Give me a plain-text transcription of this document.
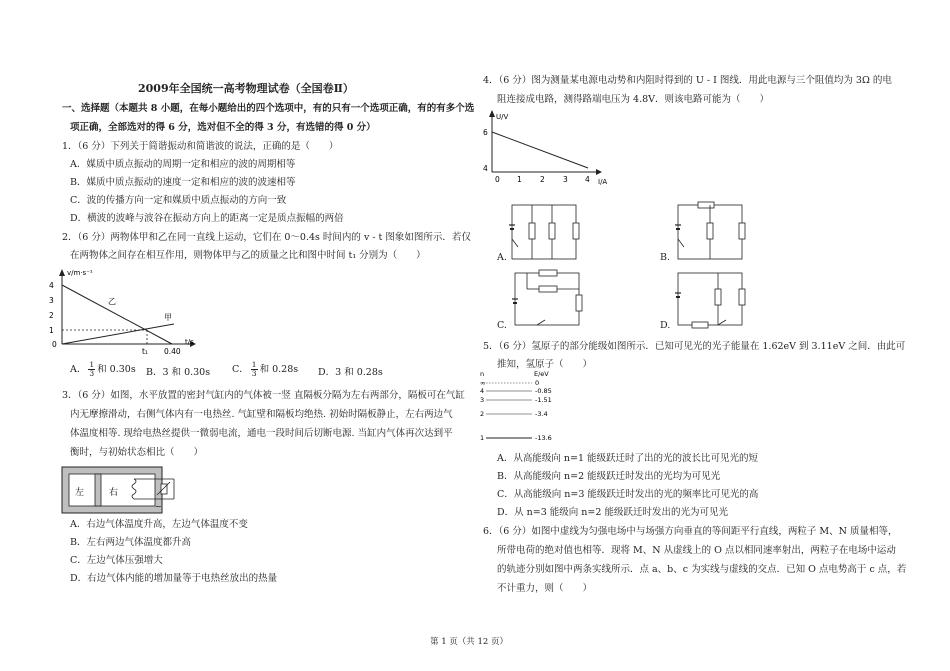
2009年全国统一高考物理试卷（全国卷Ⅱ）
一、选择题（本题共 8 小题，在每小题给出的四个选项中，有的只有一个选项正确，有的有多个选
项正确，全部选对的得 6 分，选对但不全的得 3 分，有选错的得 0 分）
1．（6 分）下列关于简谐振动和简谐波的说法，正确的是（　　）
A．媒质中质点振动的周期一定和相应的波的周期相等
B．媒质中质点振动的速度一定和相应的波的波速相等
C．波的传播方向一定和媒质中质点振动的方向一致
D．横波的波峰与波谷在振动方向上的距离一定是质点振幅的两倍
2．（6 分）两物体甲和乙在同一直线上运动，它们在 0～0.4s 时间内的 v - t 图象如图所示．若仅
在两物体之间存在相互作用，则物体甲与乙的质量之比和图中时间 t₁ 分别为（　　）
v/m·s⁻¹
t/s
4
3
2
1
0
乙
甲
t₁ 0.40
A． $\frac{1}{3}$ 和 0.30s B．3 和 0.30s C． $\frac{1}{3}$ 和 0.28s D．3 和 0.28s
3．（6 分）如图，水平放置的密封气缸内的气体被一竖 直隔板分隔为左右两部分，隔板可在气缸
内无摩擦滑动，右侧气体内有一电热丝. 气缸壁和隔板均绝热. 初始时隔板静止，左右两边气
体温度相等. 现给电热丝提供一微弱电流，通电一段时间后切断电源. 当缸内气体再次达到平
衡时，与初始状态相比（　　）
左	右
~
A．右边气体温度升高，左边气体温度不变
B．左右两边气体温度都升高
C．左边气体压强增大
D．右边气体内能的增加量等于电热丝放出的热量
4．（6 分）图为测量某电源电动势和内阻时得到的 U - I 图线．用此电源与三个阻值均为 3Ω 的电
阻连接成电路，测得路端电压为 4.8V．则该电路可能为（　　）
U/V
I/A
6
4
0 1 2 3 4
A.	B.
C.	D.
5．（6 分）氢原子的部分能级如图所示．已知可见光的光子能量在 1.62eV 到 3.11eV 之间．由此可
推知，氢原子（　　）
n	E/eV
∞	0
4	-0.85
3	-1.51
2	-3.4
1	-13.6
A．从高能级向 n=1 能级跃迁时了出的光的波长比可见光的短
B．从高能级向 n=2 能级跃迁时发出的光均为可见光
C．从高能级向 n=3 能级跃迁时发出的光的频率比可见光的高
D．从 n=3 能级向 n=2 能级跃迁时发出的光为可见光
6．（6 分）如图中虚线为匀强电场中与场强方向垂直的等间距平行直线，两粒子 M、N 质量相等，
所带电荷的绝对值也相等．现将 M、N 从虚线上的 O 点以相同速率射出，两粒子在电场中运动
的轨迹分别如图中两条实线所示．点 a、b、c 为实线与虚线的交点．已知 O 点电势高于 c 点，若
不计重力，则（　　）
第 1 页（共 12 页）
